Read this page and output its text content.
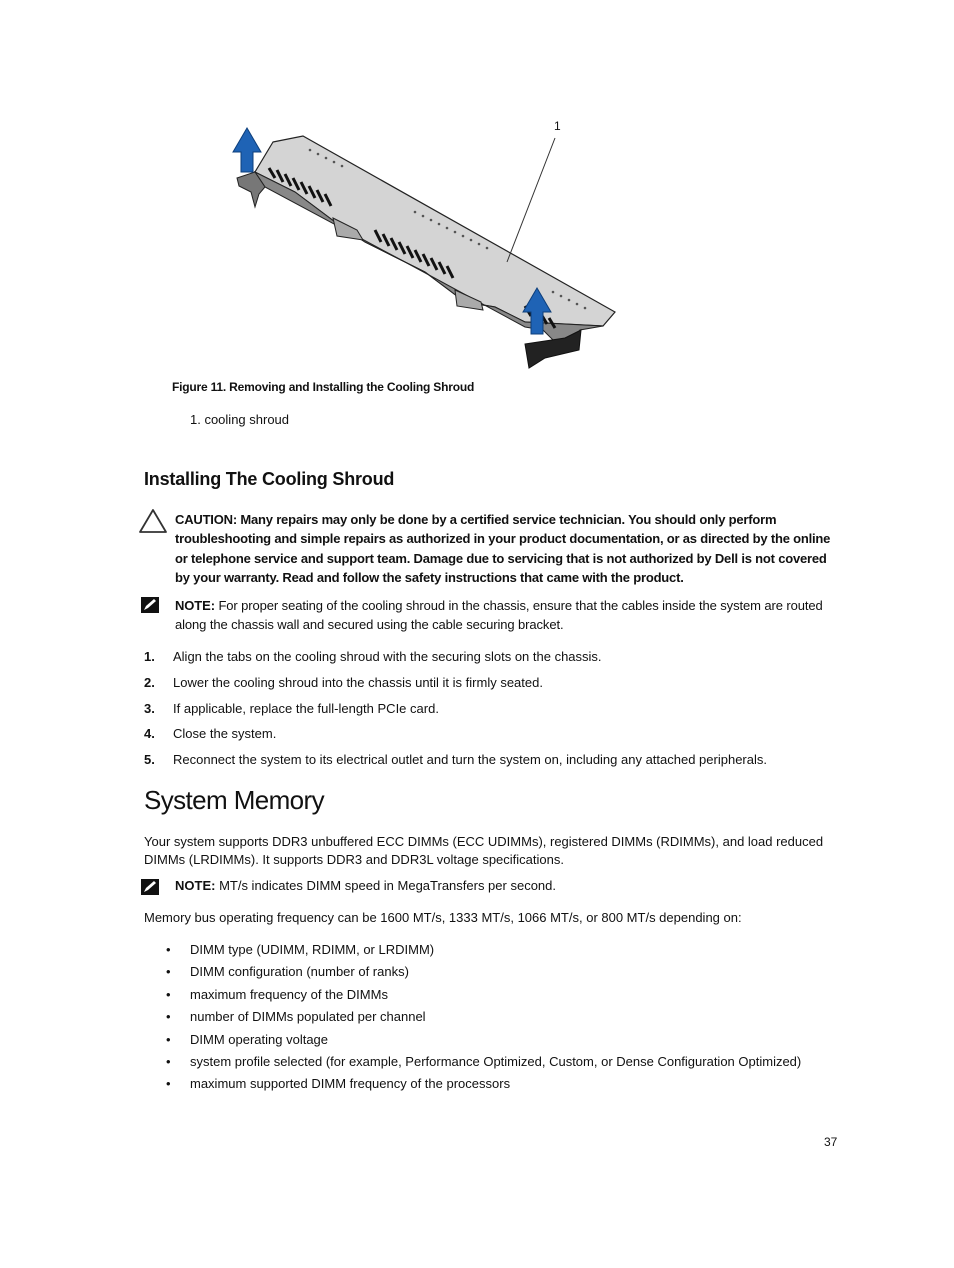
1
Figure 11. Removing and Installing the Cooling Shroud
1. cooling shroud
Installing The Cooling Shroud
CAUTION: Many repairs may only be done by a certified service technician. You should only perform troubleshooting and simple repairs as authorized in your product documentation, or as directed by the online or telephone service and support team. Damage due to servicing that is not authorized by Dell is not covered by your warranty. Read and follow the safety instructions that came with the product.
NOTE: For proper seating of the cooling shroud in the chassis, ensure that the cables inside the system are routed along the chassis wall and secured using the cable securing bracket.
1. Align the tabs on the cooling shroud with the securing slots on the chassis.
2. Lower the cooling shroud into the chassis until it is firmly seated.
3. If applicable, replace the full-length PCIe card.
4. Close the system.
5. Reconnect the system to its electrical outlet and turn the system on, including any attached peripherals.
System Memory
Your system supports DDR3 unbuffered ECC DIMMs (ECC UDIMMs), registered DIMMs (RDIMMs), and load reduced DIMMs (LRDIMMs). It supports DDR3 and DDR3L voltage specifications.
NOTE: MT/s indicates DIMM speed in MegaTransfers per second.
Memory bus operating frequency can be 1600 MT/s, 1333 MT/s, 1066 MT/s, or 800 MT/s depending on:
• DIMM type (UDIMM, RDIMM, or LRDIMM)
• DIMM configuration (number of ranks)
• maximum frequency of the DIMMs
• number of DIMMs populated per channel
• DIMM operating voltage
• system profile selected (for example, Performance Optimized, Custom, or Dense Configuration Optimized)
• maximum supported DIMM frequency of the processors
37
